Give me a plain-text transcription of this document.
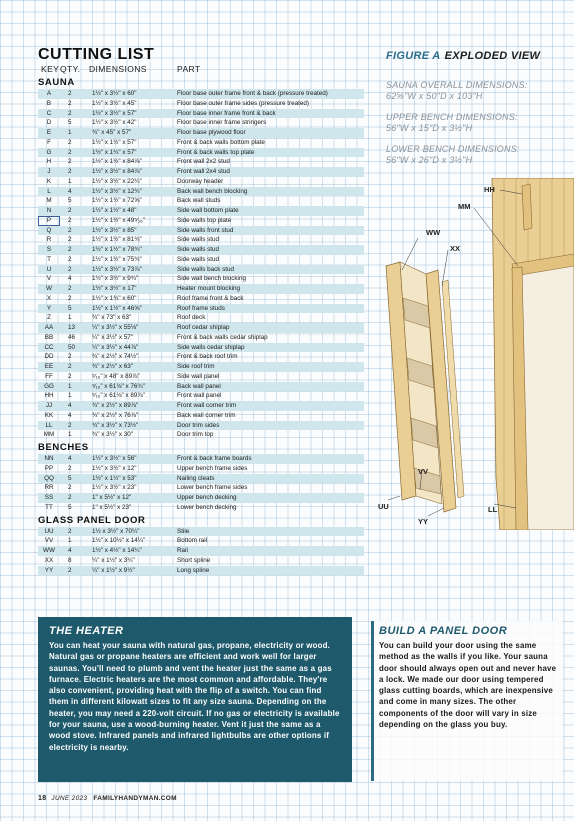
CUTTING LIST
KEY QTY.	DIMENSIONS	PART
SAUNA
A	2	1½" x 3½" x 60"	Floor base outer frame front & back (pressure treated)
B	2	1½" x 3½" x 45"	Floor base outer frame sides (pressure treated)
C	2	1½" x 3½" x 57"	Floor base inner frame front & back
D	5	1½" x 3½" x 42"	Floor base inner frame stringers
E	1	¾" x 45" x 57"	Floor base plywood floor
F	2	1½" x 1½" x 57"	Front & back walls bottom plate
G	2	1½" x 1¾" x 57"	Front & back walls top plate
H	2	1½" x 1½" x 84⅞"	Front wall 2x2 stud
J	2	1½" x 3½" x 84⅞"	Front wall 2x4 stud
K	1	1½" x 3½" x 22¼"	Doorway header
L	4	1½" x 3½" x 12¾"	Back wall bench blocking
M	5	1½" x 1½" x 72⅝"	Back wall studs
N	2	1½" x 1½" x 48"	Side wall bottom plate
P	2	1½" x 1½" x 49⁵⁄₁₆"	Side walls top plate
Q	2	1½" x 3½" x 85"	Side walls front stud
R	2	1½" x 1½" x 81¾"	Side walls stud
S	2	1½" x 1½" x 78¾"	Side walls stud
T	2	1½" x 1½" x 75¾"	Side walls stud
U	2	1½" x 3½" x 73⅞"	Side walls back stud
V	4	1½" x 3½" x 9¾"	Side wall bench blocking
W	2	1½" x 3½" x 17"	Heater mount blocking
X	2	1½" x 1¾" x 60"	Roof frame front & back
Y	5	1½" x 1½" x 46⅝"	Roof frame studs
Z	1	¾" x 73" x 63"	Roof deck
AA	13	¼" x 3½" x 55⅛"	Roof cedar shiplap
BB	46	¼" x 3½" x 57"	Front & back walls cedar shiplap
CC	50	¼" x 3½" x 44⅞"	Side walls cedar shiplap
DD	2	¾" x 2½" x 74½"	Front & back roof trim
EE	2	¾" x 2½" x 63"	Side roof trim
FF	2	⁵⁄₁₆" x 48" x 89⅞"	Side wall panel
GG	1	⁵⁄₁₆" x 61⅛" x 76¾"	Back wall panel
HH	1	⁵⁄₁₆" x 61⅛" x 89⅞"	Front wall panel
JJ	4	¾" x 2½" x 89⅞"	Front wall corner trim
KK	4	¾" x 2½" x 76⅞"	Back wall corner trim
LL	2	¾" x 3½" x 73½"	Door trim sides
MM	1	¾" x 3½" x 30"	Door trim top
BENCHES
NN	4	1½" x 3½" x 56"	Front & back frame boards
PP	2	1½" x 3½" x 12"	Upper bench frame sides
QQ	5	1½" x 1½" x 53"	Nailing cleats
RR	2	1½" x 3½" x 23"	Lower bench frame sides
SS	2	1" x 5½" x 12"	Upper bench decking
TT	5	1" x 5½" x 23"	Lower bench decking
GLASS PANEL DOOR
UU	2	1½ x 3½" x 70¼"	Stile
VV	1	1½" x 10½" x 14¼"	Bottom rail
WW	4	1½" x 4½" x 14¼"	Rail
XX	8	¼" x 1½" x 3¼"	Short spline
YY	2	¼" x 1½" x 9½"	Long spline
FIGURE A EXPLODED VIEW
SAUNA OVERALL DIMENSIONS:
62⅝"W x 50"D x 103"H
UPPER BENCH DIMENSIONS:
56"W x 15"D x 3½"H
LOWER BENCH DIMENSIONS:
56"W x 26"D x 3½"H
HH
MM
WW
XX
VV
UU
YY
LL
THE HEATER

You can heat your sauna with natural gas, propane, electricity or wood. Natural gas or propane heaters are efficient and work well for larger saunas. You'll need to plumb and vent the heater just the same as a gas furnace. Electric heaters are the most common and affordable. They're also convenient, providing heat with the flip of a switch. You can find them in different kilowatt sizes to fit any size sauna. Depending on the heater, you may need a 220-volt circuit. If no gas or electricity is available for your sauna, use a wood-burning heater. Vent it just the same as a wood stove. Infrared panels and infrared lightbulbs are other options if electricity is nearby.

BUILD A PANEL DOOR

You can build your door using the same method as the walls if you like. Your sauna door should always open out and never have a lock. We made our door using tempered glass cutting boards, which are inexpensive and come in many sizes. The other components of the door will vary in size depending on the glass you buy.

18 JUNE 2023 FAMILYHANDYMAN.COM
